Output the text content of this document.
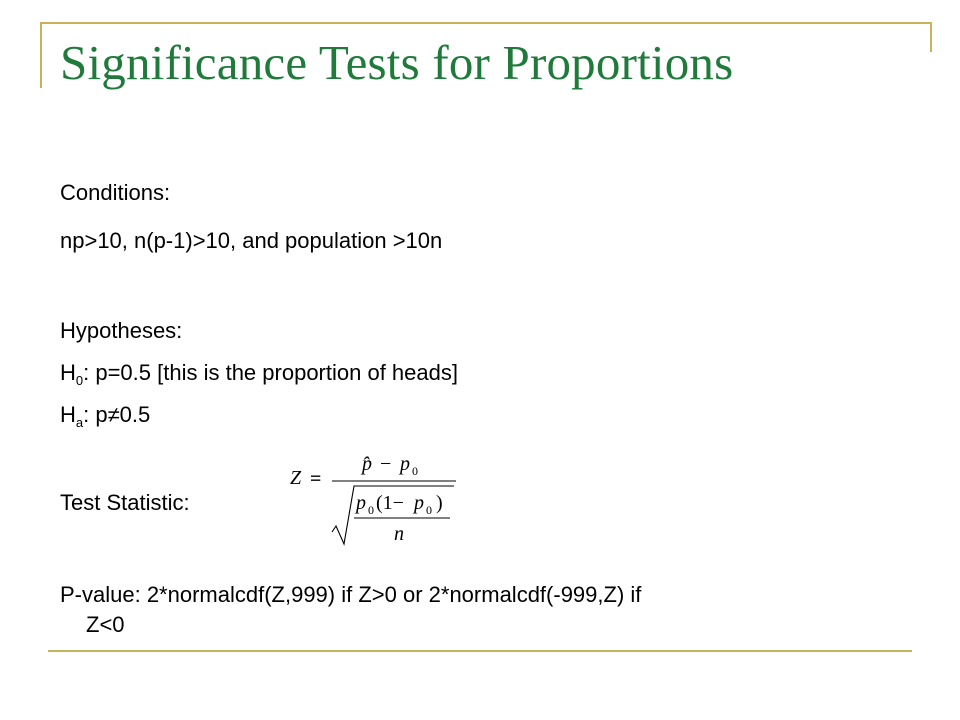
Significance Tests for Proportions
Conditions:
np>10, n(p-1)>10, and population >10n
Hypotheses:
$H_0$: p=0.5 [this is the proportion of heads]
$H_a$: p≠0.5
Test Statistic:
Z =
p̂ − p 0
p 0 (1− p 0 )
n
P-value: 2*normalcdf(Z,999) if Z>0 or 2*normalcdf(-999,Z) if
Z<0
